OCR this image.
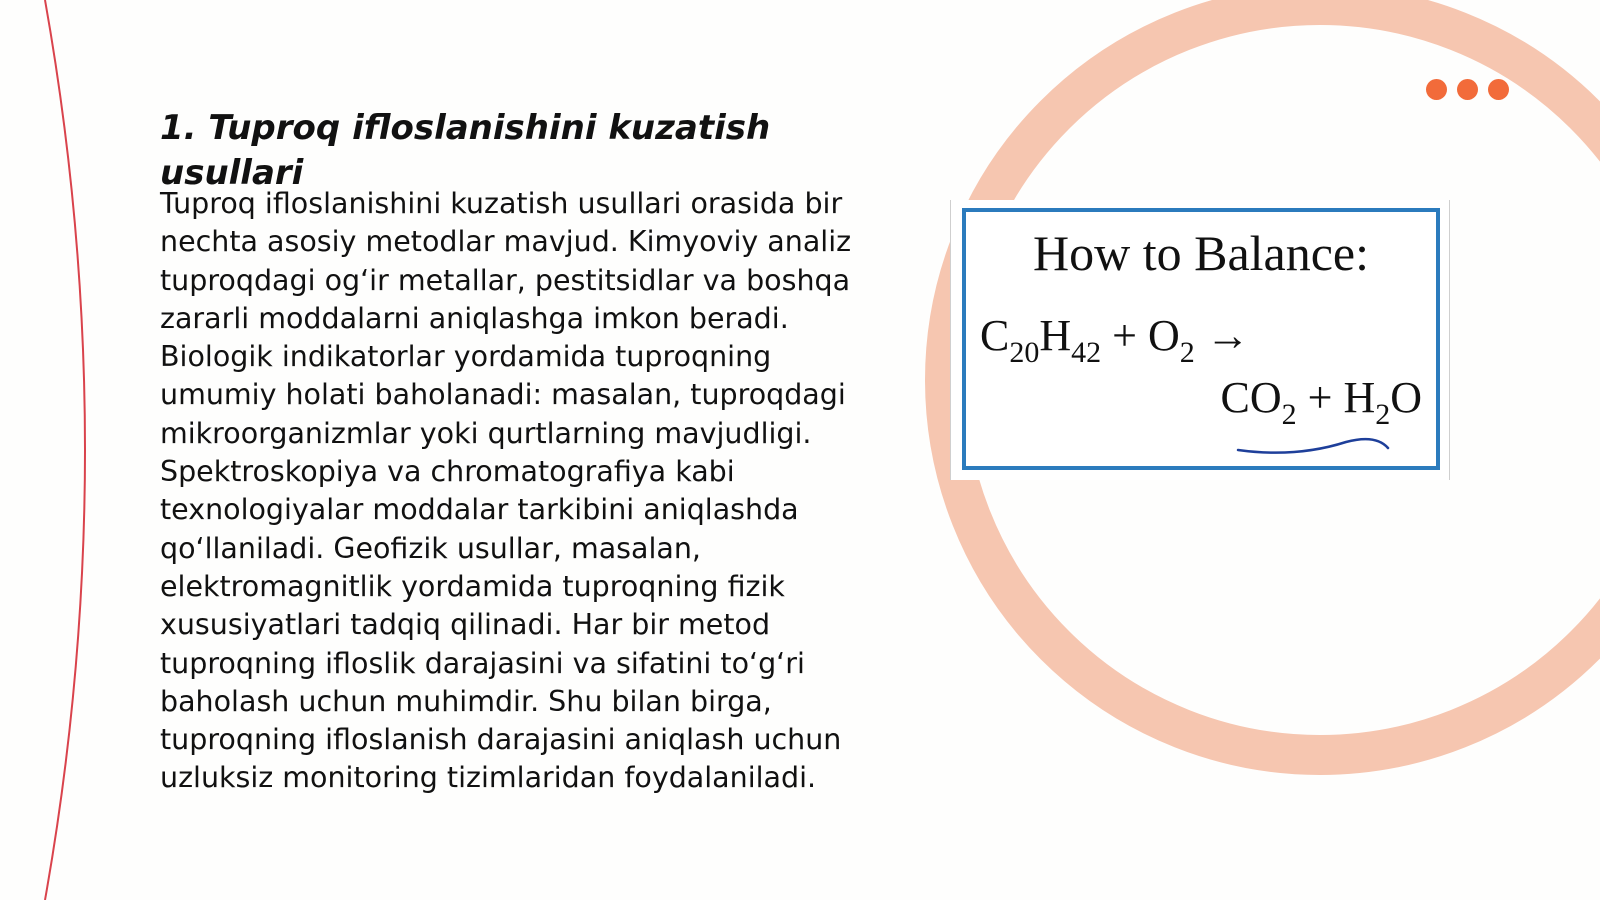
1. Tuproq ifloslanishini kuzatish usullari

Tuproq ifloslanishini kuzatish usullari orasida bir nechta asosiy metodlar mavjud. Kimyoviy analiz tuproqdagi og‘ir metallar, pestitsidlar va boshqa zararli moddalarni aniqlashga imkon beradi. Biologik indikatorlar yordamida tuproqning umumiy holati baholanadi: masalan, tuproqdagi mikroorganizmlar yoki qurtlarning mavjudligi. Spektroskopiya va chromatografiya kabi texnologiyalar moddalar tarkibini aniqlashda qo‘llaniladi. Geofizik usullar, masalan, elektromagnitlik yordamida tuproqning fizik xususiyatlari tadqiq qilinadi. Har bir metod tuproqning ifloslik darajasini va sifatini to‘g‘ri baholash uchun muhimdir. Shu bilan birga, tuproqning ifloslanish darajasini aniqlash uchun uzluksiz monitoring tizimlaridan foydalaniladi.

How to Balance:
$C_{20}H_{42} + O_2$ →
$CO_2 + H_2O$
